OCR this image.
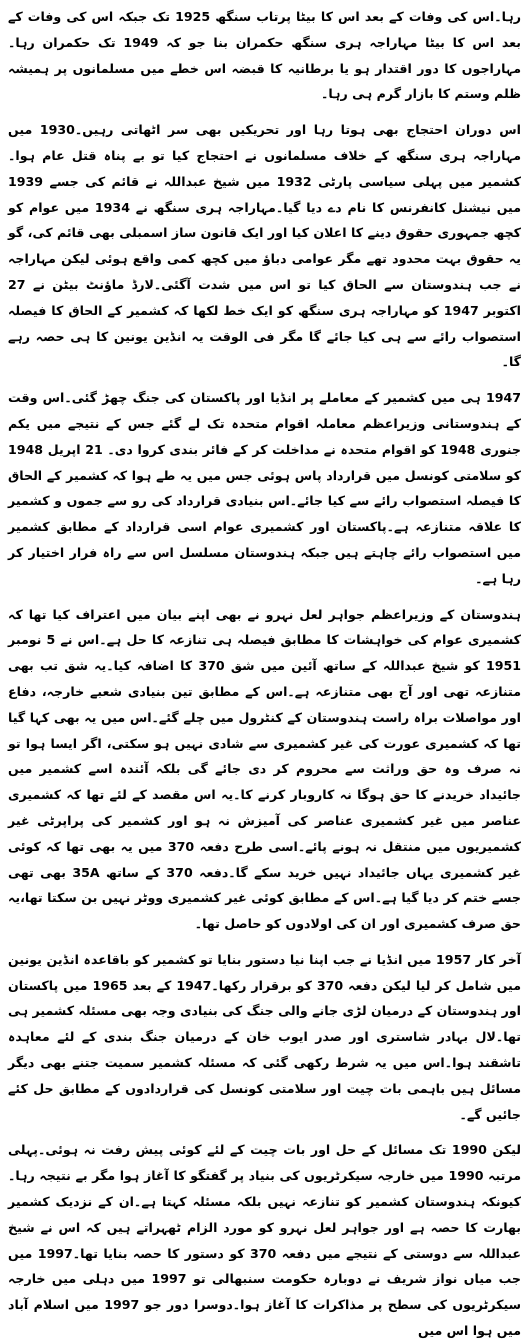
رہا۔اس کی وفات کے بعد اس کا بیٹا پرتاب سنگھ 1925 تک جبکہ اس کی وفات کے بعد اس کا بیٹا مہاراجہ ہری سنگھ حکمران بنا جو کہ 1949 تک حکمران رہا۔ مہاراجوں کا دور اقتدار ہو یا برطانیہ کا قبضہ اس خطے میں مسلمانوں پر ہمیشہ ظلم وستم کا بازار گرم ہی رہا۔

اس دوران احتجاج بھی ہوتا رہا اور تحریکیں بھی سر اٹھاتی رہیں۔1930 میں مہاراجہ ہری سنگھ کے خلاف مسلمانوں نے احتجاج کیا تو بے پناہ قتل عام ہوا۔کشمیر میں پہلی سیاسی پارٹی 1932 میں شیخ عبداللہ نے قائم کی جسے 1939 میں نیشنل کانفرنس کا نام دے دیا گیا۔مہاراجہ ہری سنگھ نے 1934 میں عوام کو کچھ جمہوری حقوق دینے کا اعلان کیا اور ایک قانون ساز اسمبلی بھی قائم کی، گو یہ حقوق بہت محدود تھے مگر عوامی دباؤ میں کچھ کمی واقع ہوئی لیکن مہاراجہ نے جب ہندوستان سے الحاق کیا تو اس میں شدت آگئی۔لارڈ ماؤنٹ بیٹن نے 27 اکتوبر 1947 کو مہاراجہ ہری سنگھ کو ایک خط لکھا کہ کشمیر کے الحاق کا فیصلہ استصواب رائے سے ہی کیا جائے گا مگر فی الوقت یہ انڈین یونین کا ہی حصہ رہے گا۔

1947 ہی میں کشمیر کے معاملے پر انڈیا اور پاکستان کی جنگ چھڑ گئی۔اس وقت کے ہندوستانی وزیراعظم معاملہ اقوام متحدہ تک لے گئے جس کے نتیجے میں یکم جنوری 1948 کو اقوام متحدہ نے مداخلت کر کے فائر بندی کروا دی۔ 21 اپریل 1948 کو سلامتی کونسل میں قرارداد پاس ہوئی جس میں یہ طے ہوا کہ کشمیر کے الحاق کا فیصلہ استصواب رائے سے کیا جائے۔اس بنیادی قرارداد کی رو سے جموں و کشمیر کا علاقہ متنازعہ ہے۔پاکستان اور کشمیری عوام اسی قرارداد کے مطابق کشمیر میں استصواب رائے چاہتے ہیں جبکہ ہندوستان مسلسل اس سے راہ فرار اختیار کر رہا ہے۔

ہندوستان کے وزیراعظم جواہر لعل نہرو نے بھی اپنے بیان میں اعتراف کیا تھا کہ کشمیری عوام کی خواہشات کا مطابق فیصلہ ہی تنازعہ کا حل ہے۔اس نے 5 نومبر 1951 کو شیخ عبداللہ کے ساتھ آئین میں شق 370 کا اضافہ کیا۔یہ شق تب بھی متنازعہ تھی اور آج بھی متنازعہ ہے۔اس کے مطابق تین بنیادی شعبے خارجہ، دفاع اور مواصلات براہ راست ہندوستان کے کنٹرول میں چلے گئے۔اس میں یہ بھی کہا گیا تھا کہ کشمیری عورت کی غیر کشمیری سے شادی نہیں ہو سکتی، اگر ایسا ہوا تو نہ صرف وہ حق وراثت سے محروم کر دی جائے گی بلکہ آئندہ اسے کشمیر میں جائیداد خریدنے کا حق ہوگا نہ کاروبار کرنے کا۔یہ اس مقصد کے لئے تھا کہ کشمیری عناصر میں غیر کشمیری عناصر کی آمیزش نہ ہو اور کشمیر کی پراپرٹی غیر کشمیریوں میں منتقل نہ ہونے پائے۔اسی طرح دفعہ 370 میں یہ بھی تھا کہ کوئی غیر کشمیری یہاں جائیداد نہیں خرید سکے گا۔دفعہ 370 کے ساتھ 35A بھی تھی جسے ختم کر دیا گیا ہے۔اس کے مطابق کوئی غیر کشمیری ووٹر نہیں بن سکتا تھا،یہ حق صرف کشمیری اور ان کی اولادوں کو حاصل تھا۔

آخر کار 1957 میں انڈیا نے جب اپنا نیا دستور بنایا تو کشمیر کو باقاعدہ انڈین یونین میں شامل کر لیا لیکن دفعہ 370 کو برقرار رکھا۔1947 کے بعد 1965 میں پاکستان اور ہندوستان کے درمیان لڑی جانے والی جنگ کی بنیادی وجہ بھی مسئلہ کشمیر ہی تھا۔لال بہادر شاستری اور صدر ایوب خان کے درمیان جنگ بندی کے لئے معاہدہ تاشقند ہوا۔اس میں یہ شرط رکھی گئی کہ مسئلہ کشمیر سمیت جتنے بھی دیگر مسائل ہیں باہمی بات چیت اور سلامتی کونسل کی قراردادوں کے مطابق حل کئے جائیں گے۔

لیکن 1990 تک مسائل کے حل اور بات چیت کے لئے کوئی پیش رفت نہ ہوئی۔پہلی مرتبہ 1990 میں خارجہ سیکرٹریوں کی بنیاد پر گفتگو کا آغاز ہوا مگر بے نتیجہ رہا۔کیونکہ ہندوستان کشمیر کو تنازعہ نہیں بلکہ مسئلہ کہتا ہے۔ان کے نزدیک کشمیر بھارت کا حصہ ہے اور جواہر لعل نہرو کو مورد الزام ٹھہراتے ہیں کہ اس نے شیخ عبداللہ سے دوستی کے نتیجے میں دفعہ 370 کو دستور کا حصہ بنایا تھا۔1997 میں جب میاں نواز شریف نے دوبارہ حکومت سنبھالی تو 1997 میں دہلی میں خارجہ سیکرٹریوں کی سطح پر مذاکرات کا آغاز ہوا۔دوسرا دور جو 1997 میں اسلام آباد میں ہوا اس میں
